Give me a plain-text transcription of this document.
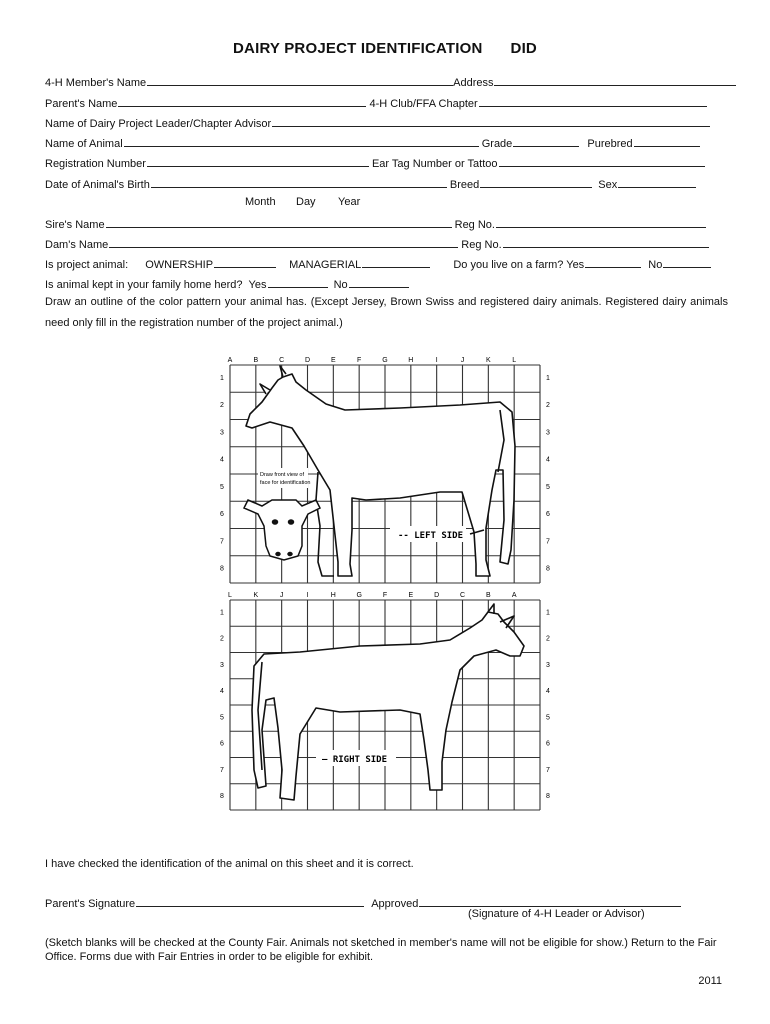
DAIRY PROJECT IDENTIFICATION DID
4-H Member's Name	Address
Parent's Name	4-H Club/FFA Chapter
Name of Dairy Project Leader/Chapter Advisor
Name of Animal	Grade	Purebred
Registration Number	Ear Tag Number or Tattoo
Date of Animal's Birth	Breed	Sex
Month Day Year
Sire's Name	Reg No.
Dam's Name	Reg No.
Is project animal: OWNERSHIP	MANAGERIAL	Do you live on a farm? Yes	No
Is animal kept in your family home herd? Yes	No
Draw an outline of the color pattern your animal has. (Except Jersey, Brown Swiss and registered dairy animals. Registered dairy animals need only fill in the registration number of the project animal.)
A	B	C	D	E	F	G	H	I	J	K	L
1	1
2	2
3	3
4	4
5	5
6	6
7	7
8	8
L	K	J	I	H	G	F	E	D	C	B	A
1	1
2	2
3	3
4	4
5	5
6	6
7	7
8	8
Draw front view of
face for identification
-- LEFT SIDE
— RIGHT SIDE
I have checked the identification of the animal on this sheet and it is correct.
Parent's Signature	Approved
(Signature of 4-H Leader or Advisor)
(Sketch blanks will be checked at the County Fair. Animals not sketched in member's name will not be eligible for show.) Return to the Fair Office. Forms due with Fair Entries in order to be eligible for exhibit.
2011
